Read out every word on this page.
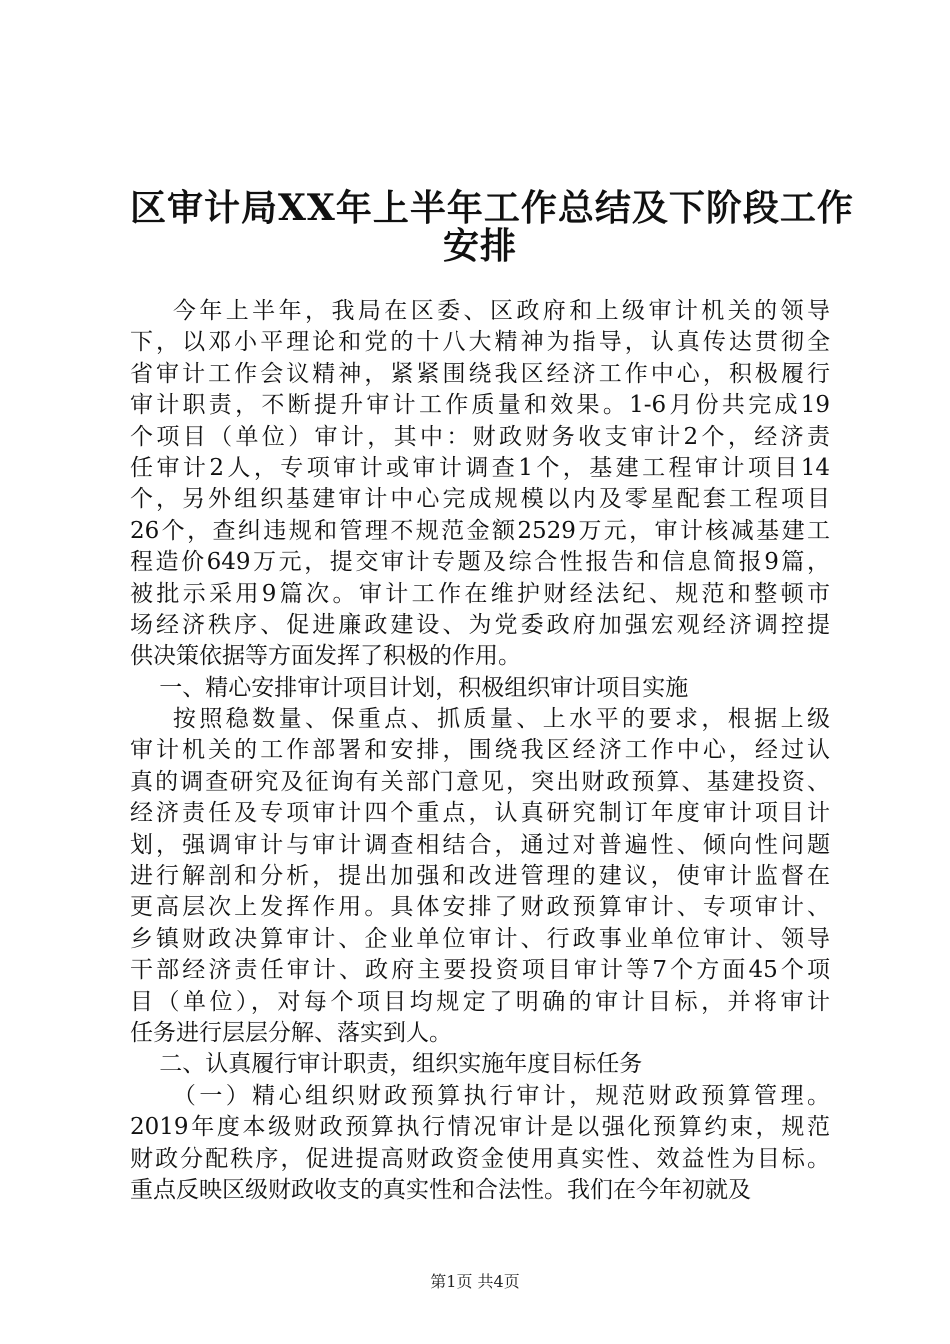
区审计局XX年上半年工作总结及下阶段工作
安排
今年上半年，我局在区委、区政府和上级审计机关的领导
下，以邓小平理论和党的十八大精神为指导，认真传达贯彻全
省审计工作会议精神，紧紧围绕我区经济工作中心，积极履行
审计职责，不断提升审计工作质量和效果。1-6月份共完成19
个项目（单位）审计，其中：财政财务收支审计2个，经济责
任审计2人，专项审计或审计调查1个，基建工程审计项目14
个，另外组织基建审计中心完成规模以内及零星配套工程项目
26个，查纠违规和管理不规范金额2529万元，审计核减基建工
程造价649万元，提交审计专题及综合性报告和信息简报9篇，
被批示采用9篇次。审计工作在维护财经法纪、规范和整顿市
场经济秩序、促进廉政建设、为党委政府加强宏观经济调控提
供决策依据等方面发挥了积极的作用。
一、精心安排审计项目计划，积极组织审计项目实施
按照稳数量、保重点、抓质量、上水平的要求，根据上级
审计机关的工作部署和安排，围绕我区经济工作中心，经过认
真的调查研究及征询有关部门意见，突出财政预算、基建投资、
经济责任及专项审计四个重点，认真研究制订年度审计项目计
划，强调审计与审计调查相结合，通过对普遍性、倾向性问题
进行解剖和分析，提出加强和改进管理的建议，使审计监督在
更高层次上发挥作用。具体安排了财政预算审计、专项审计、
乡镇财政决算审计、企业单位审计、行政事业单位审计、领导
干部经济责任审计、政府主要投资项目审计等7个方面45个项
目（单位），对每个项目均规定了明确的审计目标，并将审计
任务进行层层分解、落实到人。
二、认真履行审计职责，组织实施年度目标任务
（一）精心组织财政预算执行审计，规范财政预算管理。
2019年度本级财政预算执行情况审计是以强化预算约束，规范
财政分配秩序，促进提高财政资金使用真实性、效益性为目标。
重点反映区级财政收支的真实性和合法性。我们在今年初就及
第1页 共4页
